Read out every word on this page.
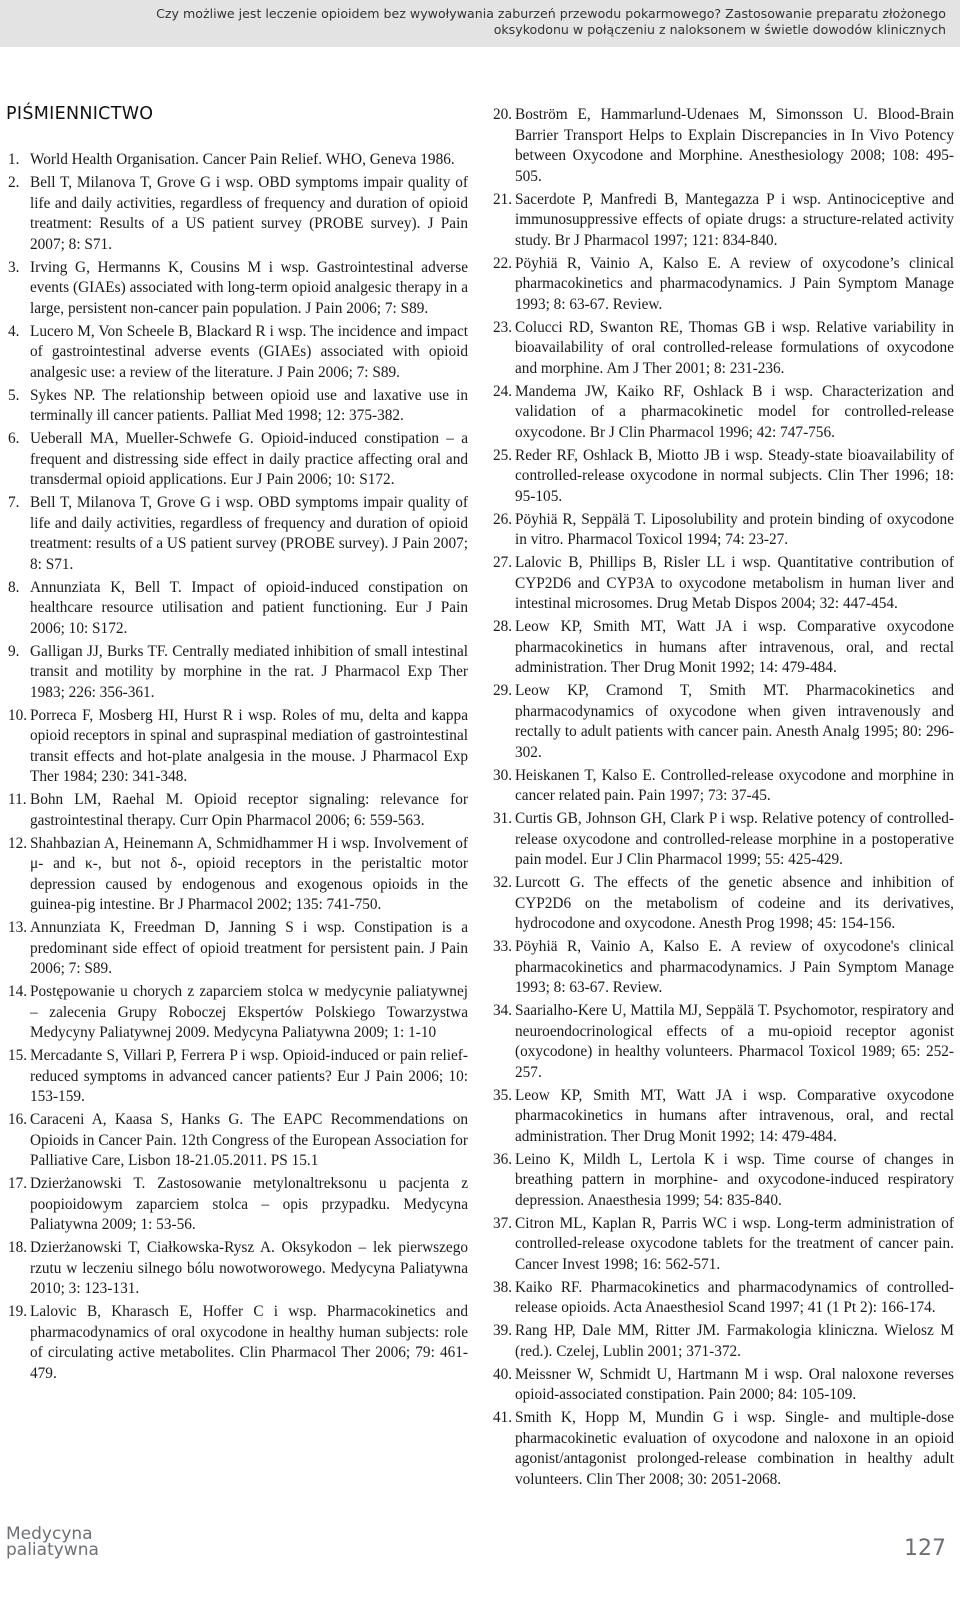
Czy możliwe jest leczenie opioidem bez wywoływania zaburzeń przewodu pokarmowego? Zastosowanie preparatu złożonego
oksykodonu w połączeniu z naloksonem w świetle dowodów klinicznych
PIŚMIENNICTWO
1. World Health Organisation. Cancer Pain Relief. WHO, Geneva 1986.
2. Bell T, Milanova T, Grove G i wsp. OBD symptoms impair quality of life and daily activities, regardless of frequency and duration of opioid treatment: Results of a US patient survey (PROBE survey). J Pain 2007; 8: S71.
3. Irving G, Hermanns K, Cousins M i wsp. Gastrointestinal adverse events (GIAEs) associated with long-term opioid analgesic therapy in a large, persistent non-cancer pain population. J Pain 2006; 7: S89.
4. Lucero M, Von Scheele B, Blackard R i wsp. The incidence and impact of gastrointestinal adverse events (GIAEs) associated with opioid analgesic use: a review of the literature. J Pain 2006; 7: S89.
5. Sykes NP. The relationship between opioid use and laxative use in terminally ill cancer patients. Palliat Med 1998; 12: 375-382.
6. Ueberall MA, Mueller-Schwefe G. Opioid-induced constipation – a frequent and distressing side effect in daily practice affecting oral and transdermal opioid applications. Eur J Pain 2006; 10: S172.
7. Bell T, Milanova T, Grove G i wsp. OBD symptoms impair quality of life and daily activities, regardless of frequency and duration of opioid treatment: results of a US patient survey (PROBE survey). J Pain 2007; 8: S71.
8. Annunziata K, Bell T. Impact of opioid-induced constipation on healthcare resource utilisation and patient functioning. Eur J Pain 2006; 10: S172.
9. Galligan JJ, Burks TF. Centrally mediated inhibition of small intestinal transit and motility by morphine in the rat. J Pharmacol Exp Ther 1983; 226: 356-361.
10. Porreca F, Mosberg HI, Hurst R i wsp. Roles of mu, delta and kappa opioid receptors in spinal and supraspinal mediation of gastrointestinal transit effects and hot-plate analgesia in the mouse. J Pharmacol Exp Ther 1984; 230: 341-348.
11. Bohn LM, Raehal M. Opioid receptor signaling: relevance for gastrointestinal therapy. Curr Opin Pharmacol 2006; 6: 559-563.
12. Shahbazian A, Heinemann A, Schmidhammer H i wsp. Involvement of μ- and κ-, but not δ-, opioid receptors in the peristaltic motor depression caused by endogenous and exogenous opioids in the guinea-pig intestine. Br J Pharmacol 2002; 135: 741-750.
13. Annunziata K, Freedman D, Janning S i wsp. Constipation is a predominant side effect of opioid treatment for persistent pain. J Pain 2006; 7: S89.
14. Postępowanie u chorych z zaparciem stolca w medycynie paliatywnej – zalecenia Grupy Roboczej Ekspertów Polskiego Towarzystwa Medycyny Paliatywnej 2009. Medycyna Paliatywna 2009; 1: 1-10
15. Mercadante S, Villari P, Ferrera P i wsp. Opioid-induced or pain relief-reduced symptoms in advanced cancer patients? Eur J Pain 2006; 10: 153-159.
16. Caraceni A, Kaasa S, Hanks G. The EAPC Recommendations on Opioids in Cancer Pain. 12th Congress of the European Association for Palliative Care, Lisbon 18-21.05.2011. PS 15.1
17. Dzierżanowski T. Zastosowanie metylonaltreksonu u pacjenta z poopioidowym zaparciem stolca – opis przypadku. Medycyna Paliatywna 2009; 1: 53-56.
18. Dzierżanowski T, Ciałkowska-Rysz A. Oksykodon – lek pierwszego rzutu w leczeniu silnego bólu nowotworowego. Medycyna Paliatywna 2010; 3: 123-131.
19. Lalovic B, Kharasch E, Hoffer C i wsp. Pharmacokinetics and pharmacodynamics of oral oxycodone in healthy human subjects: role of circulating active metabolites. Clin Pharmacol Ther 2006; 79: 461-479.
20. Boström E, Hammarlund-Udenaes M, Simonsson U. Blood-Brain Barrier Transport Helps to Explain Discrepancies in In Vivo Potency between Oxycodone and Morphine. Anesthesiology 2008; 108: 495-505.
21. Sacerdote P, Manfredi B, Mantegazza P i wsp. Antinociceptive and immunosuppressive effects of opiate drugs: a structure-related activity study. Br J Pharmacol 1997; 121: 834-840.
22. Pöyhiä R, Vainio A, Kalso E. A review of oxycodone’s clinical pharmacokinetics and pharmacodynamics. J Pain Symptom Manage 1993; 8: 63-67. Review.
23. Colucci RD, Swanton RE, Thomas GB i wsp. Relative variability in bioavailability of oral controlled-release formulations of oxycodone and morphine. Am J Ther 2001; 8: 231-236.
24. Mandema JW, Kaiko RF, Oshlack B i wsp. Characterization and validation of a pharmacokinetic model for controlled-release oxycodone. Br J Clin Pharmacol 1996; 42: 747-756.
25. Reder RF, Oshlack B, Miotto JB i wsp. Steady-state bioavailability of controlled-release oxycodone in normal subjects. Clin Ther 1996; 18: 95-105.
26. Pöyhiä R, Seppälä T. Liposolubility and protein binding of oxycodone in vitro. Pharmacol Toxicol 1994; 74: 23-27.
27. Lalovic B, Phillips B, Risler LL i wsp. Quantitative contribution of CYP2D6 and CYP3A to oxycodone metabolism in human liver and intestinal microsomes. Drug Metab Dispos 2004; 32: 447-454.
28. Leow KP, Smith MT, Watt JA i wsp. Comparative oxycodone pharmacokinetics in humans after intravenous, oral, and rectal administration. Ther Drug Monit 1992; 14: 479-484.
29. Leow KP, Cramond T, Smith MT. Pharmacokinetics and pharmacodynamics of oxycodone when given intravenously and rectally to adult patients with cancer pain. Anesth Analg 1995; 80: 296-302.
30. Heiskanen T, Kalso E. Controlled-release oxycodone and morphine in cancer related pain. Pain 1997; 73: 37-45.
31. Curtis GB, Johnson GH, Clark P i wsp. Relative potency of controlled-release oxycodone and controlled-release morphine in a postoperative pain model. Eur J Clin Pharmacol 1999; 55: 425-429.
32. Lurcott G. The effects of the genetic absence and inhibition of CYP2D6 on the metabolism of codeine and its derivatives, hydrocodone and oxycodone. Anesth Prog 1998; 45: 154-156.
33. Pöyhiä R, Vainio A, Kalso E. A review of oxycodone's clinical pharmacokinetics and pharmacodynamics. J Pain Symptom Manage 1993; 8: 63-67. Review.
34. Saarialho-Kere U, Mattila MJ, Seppälä T. Psychomotor, respiratory and neuroendocrinological effects of a mu-opioid receptor agonist (oxycodone) in healthy volunteers. Pharmacol Toxicol 1989; 65: 252-257.
35. Leow KP, Smith MT, Watt JA i wsp. Comparative oxycodone pharmacokinetics in humans after intravenous, oral, and rectal administration. Ther Drug Monit 1992; 14: 479-484.
36. Leino K, Mildh L, Lertola K i wsp. Time course of changes in breathing pattern in morphine- and oxycodone-induced respiratory depression. Anaesthesia 1999; 54: 835-840.
37. Citron ML, Kaplan R, Parris WC i wsp. Long-term administration of controlled-release oxycodone tablets for the treatment of cancer pain. Cancer Invest 1998; 16: 562-571.
38. Kaiko RF. Pharmacokinetics and pharmacodynamics of controlled-release opioids. Acta Anaesthesiol Scand 1997; 41 (1 Pt 2): 166-174.
39. Rang HP, Dale MM, Ritter JM. Farmakologia kliniczna. Wielosz M (red.). Czelej, Lublin 2001; 371-372.
40. Meissner W, Schmidt U, Hartmann M i wsp. Oral naloxone reverses opioid-associated constipation. Pain 2000; 84: 105-109.
41. Smith K, Hopp M, Mundin G i wsp. Single- and multiple-dose pharmacokinetic evaluation of oxycodone and naloxone in an opioid agonist/antagonist prolonged-release combination in healthy adult volunteers. Clin Ther 2008; 30: 2051-2068.
Medycyna
paliatywna	127
